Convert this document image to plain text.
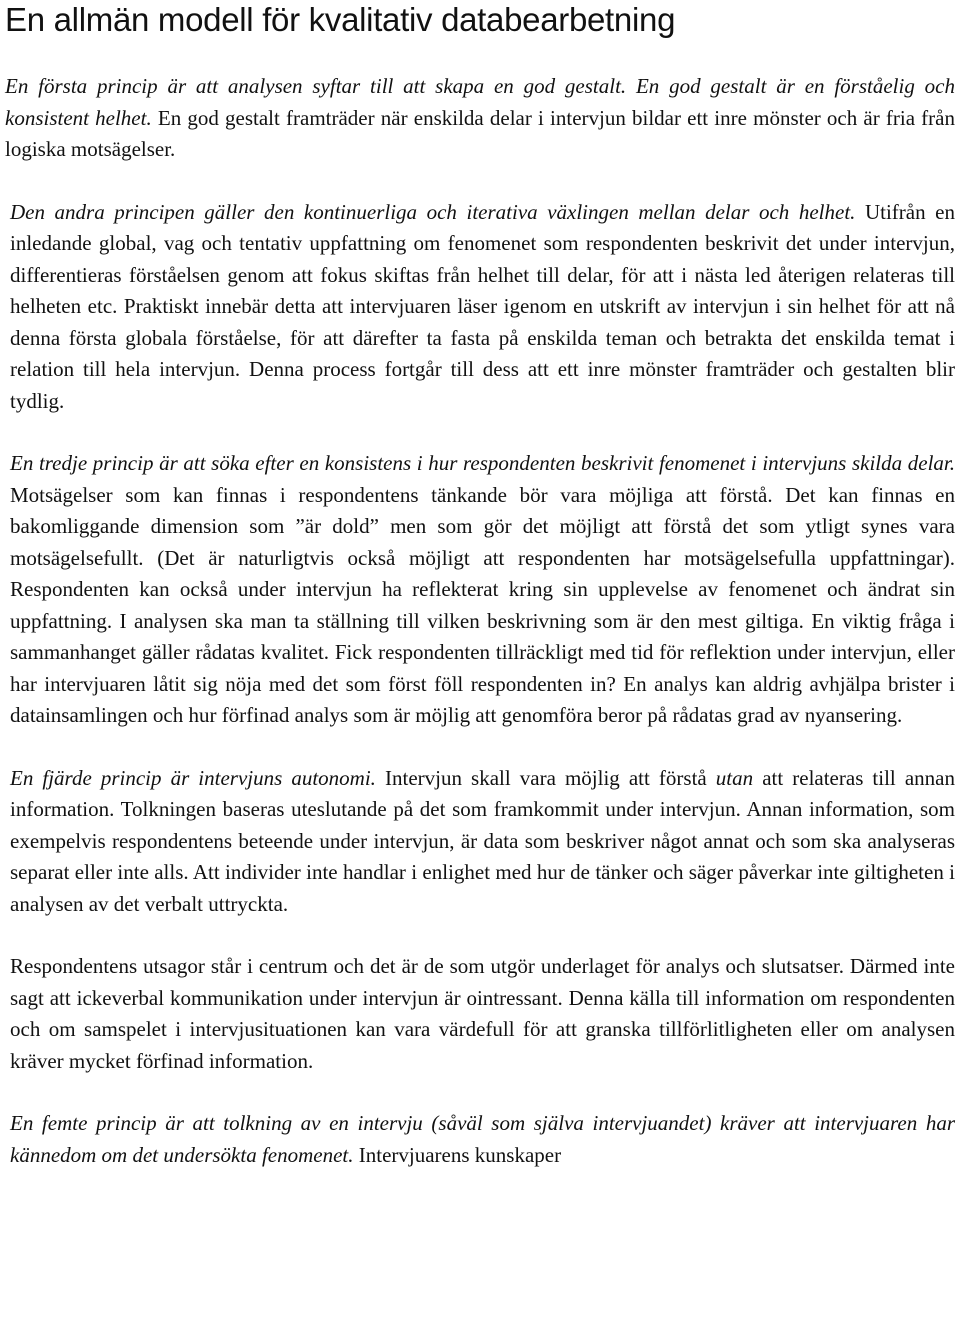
En allmän modell för kvalitativ databearbetning

En första princip är att analysen syftar till att skapa en god gestalt. En god gestalt är en förståelig och konsistent helhet. En god gestalt framträder när enskilda delar i intervjun bildar ett inre mönster och är fria från logiska motsägelser.

Den andra principen gäller den kontinuerliga och iterativa växlingen mellan delar och helhet. Utifrån en inledande global, vag och tentativ uppfattning om fenomenet som respondenten beskrivit det under intervjun, differentieras förståelsen genom att fokus skiftas från helhet till delar, för att i nästa led återigen relateras till helheten etc. Praktiskt innebär detta att intervjuaren läser igenom en utskrift av intervjun i sin helhet för att nå denna första globala förståelse, för att därefter ta fasta på enskilda teman och betrakta det enskilda temat i relation till hela intervjun. Denna process fortgår till dess att ett inre mönster framträder och gestalten blir tydlig.

En tredje princip är att söka efter en konsistens i hur respondenten beskrivit fenomenet i intervjuns skilda delar. Motsägelser som kan finnas i respondentens tänkande bör vara möjliga att förstå. Det kan finnas en bakomliggande dimension som ”är dold” men som gör det möjligt att förstå det som ytligt synes vara motsägelsefullt. (Det är naturligtvis också möjligt att respondenten har motsägelsefulla uppfattningar). Respondenten kan också under intervjun ha reflekterat kring sin upplevelse av fenomenet och ändrat sin uppfattning. I analysen ska man ta ställning till vilken beskrivning som är den mest giltiga. En viktig fråga i sammanhanget gäller rådatas kvalitet. Fick respondenten tillräckligt med tid för reflektion under intervjun, eller har intervjuaren låtit sig nöja med det som först föll respondenten in? En analys kan aldrig avhjälpa brister i datainsamlingen och hur förfinad analys som är möjlig att genomföra beror på rådatas grad av nyansering.

En fjärde princip är intervjuns autonomi. Intervjun skall vara möjlig att förstå utan att relateras till annan information. Tolkningen baseras uteslutande på det som framkommit under intervjun. Annan information, som exempelvis respondentens beteende under intervjun, är data som beskriver något annat och som ska analyseras separat eller inte alls. Att individer inte handlar i enlighet med hur de tänker och säger påverkar inte giltigheten i analysen av det verbalt uttryckta.

Respondentens utsagor står i centrum och det är de som utgör underlaget för analys och slutsatser. Därmed inte sagt att ickeverbal kommunikation under intervjun är ointressant. Denna källa till information om respondenten och om samspelet i intervjusituationen kan vara värdefull för att granska tillförlitligheten eller om analysen kräver mycket förfinad information.

En femte princip är att tolkning av en intervju (såväl som själva intervjuandet) kräver att intervjuaren har kännedom om det undersökta fenomenet. Intervjuarens kunskaper
